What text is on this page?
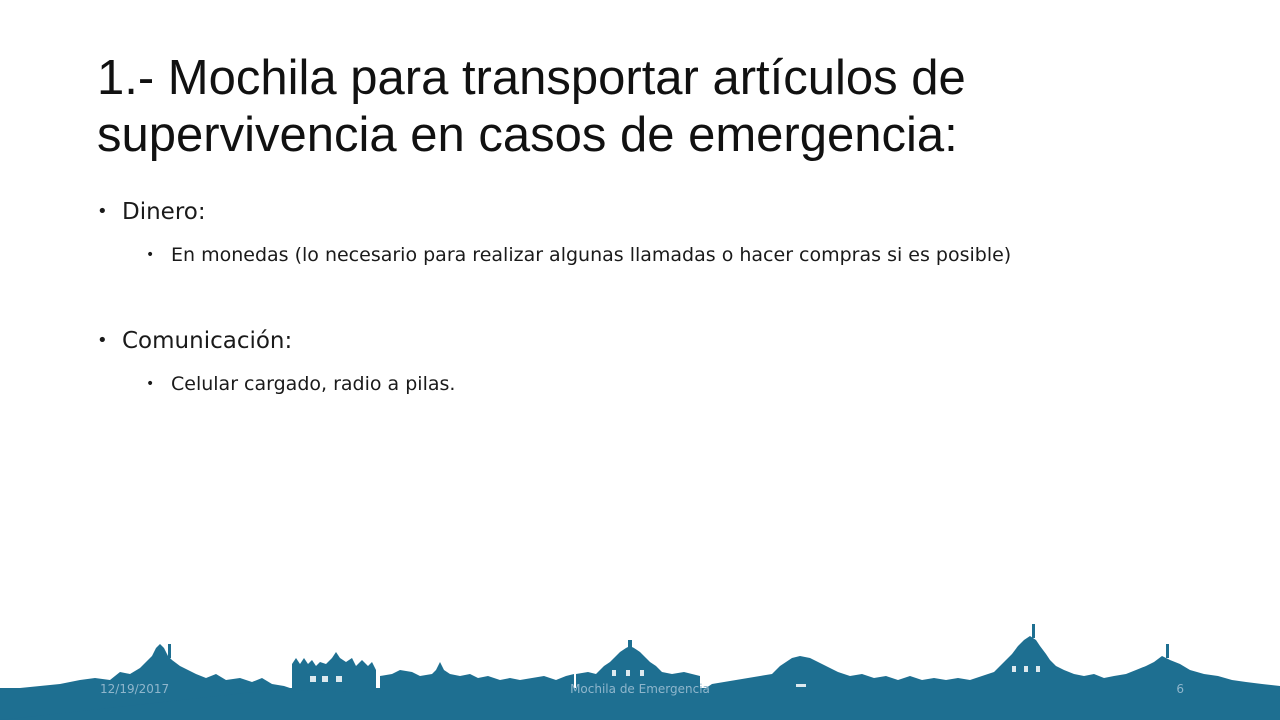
1.- Mochila para transportar artículos de
supervivencia en casos de emergencia:
• Dinero:
• En monedas (lo necesario para realizar algunas llamadas o hacer compras si es posible)
• Comunicación:
• Celular cargado, radio a pilas.
12/19/2017	Mochila de Emergencia	6
